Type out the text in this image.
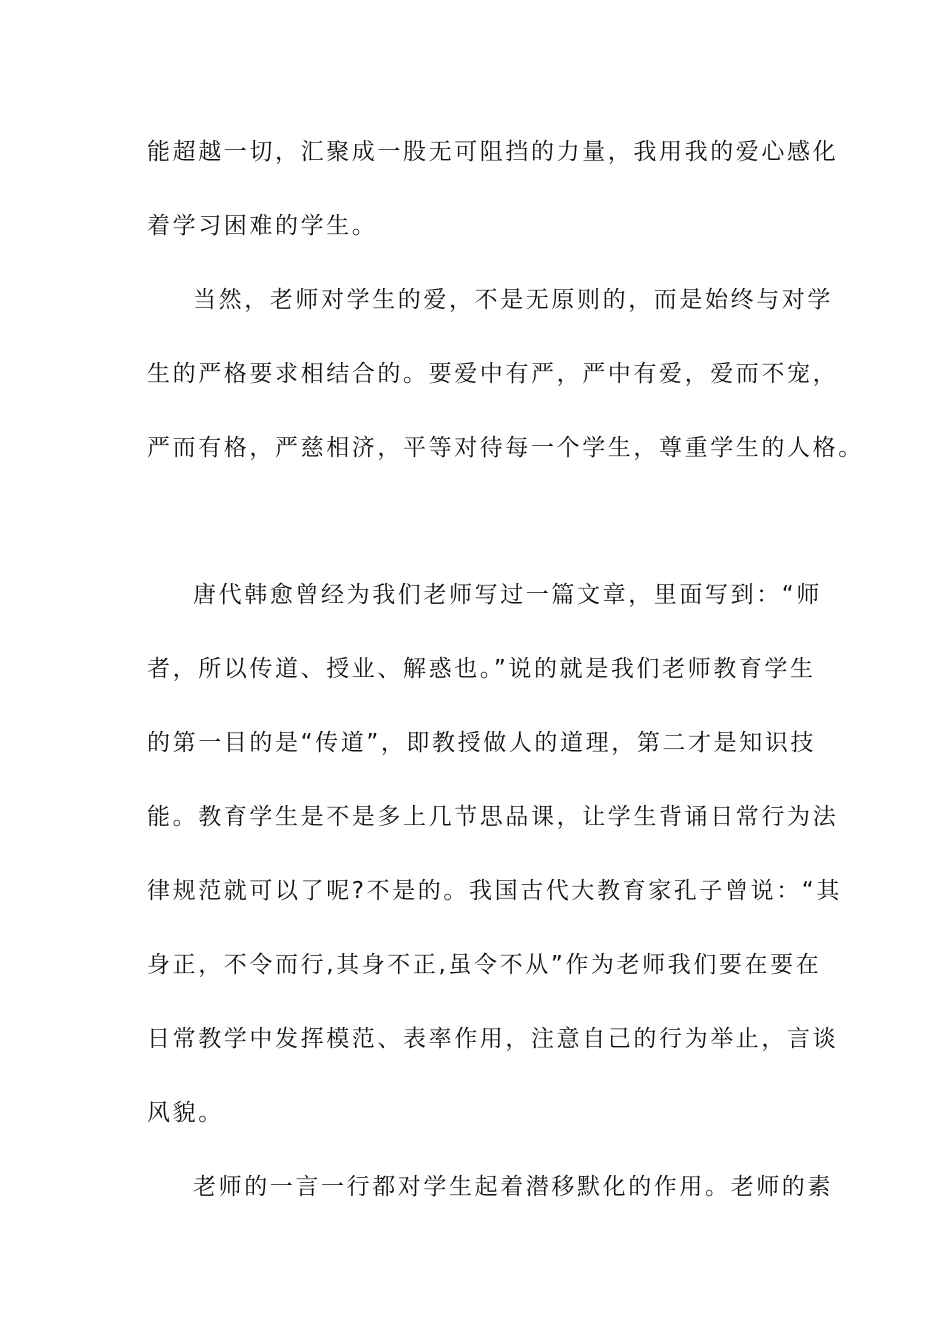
能超越一切，汇聚成一股无可阻挡的力量，我用我的爱心感化

着学习困难的学生。

当然，老师对学生的爱，不是无原则的，而是始终与对学

生的严格要求相结合的。要爱中有严，严中有爱，爱而不宠，

严而有格，严慈相济，平等对待每一个学生，尊重学生的人格。

唐代韩愈曾经为我们老师写过一篇文章，里面写到：“师

者，所以传道、授业、解惑也。”说的就是我们老师教育学生

的第一目的是“传道”，即教授做人的道理，第二才是知识技

能。教育学生是不是多上几节思品课，让学生背诵日常行为法

律规范就可以了呢?不是的。我国古代大教育家孔子曾说：“其

身正，不令而行,其身不正,虽令不从”作为老师我们要在要在

日常教学中发挥模范、表率作用，注意自己的行为举止，言谈

风貌。

老师的一言一行都对学生起着潜移默化的作用。老师的素
